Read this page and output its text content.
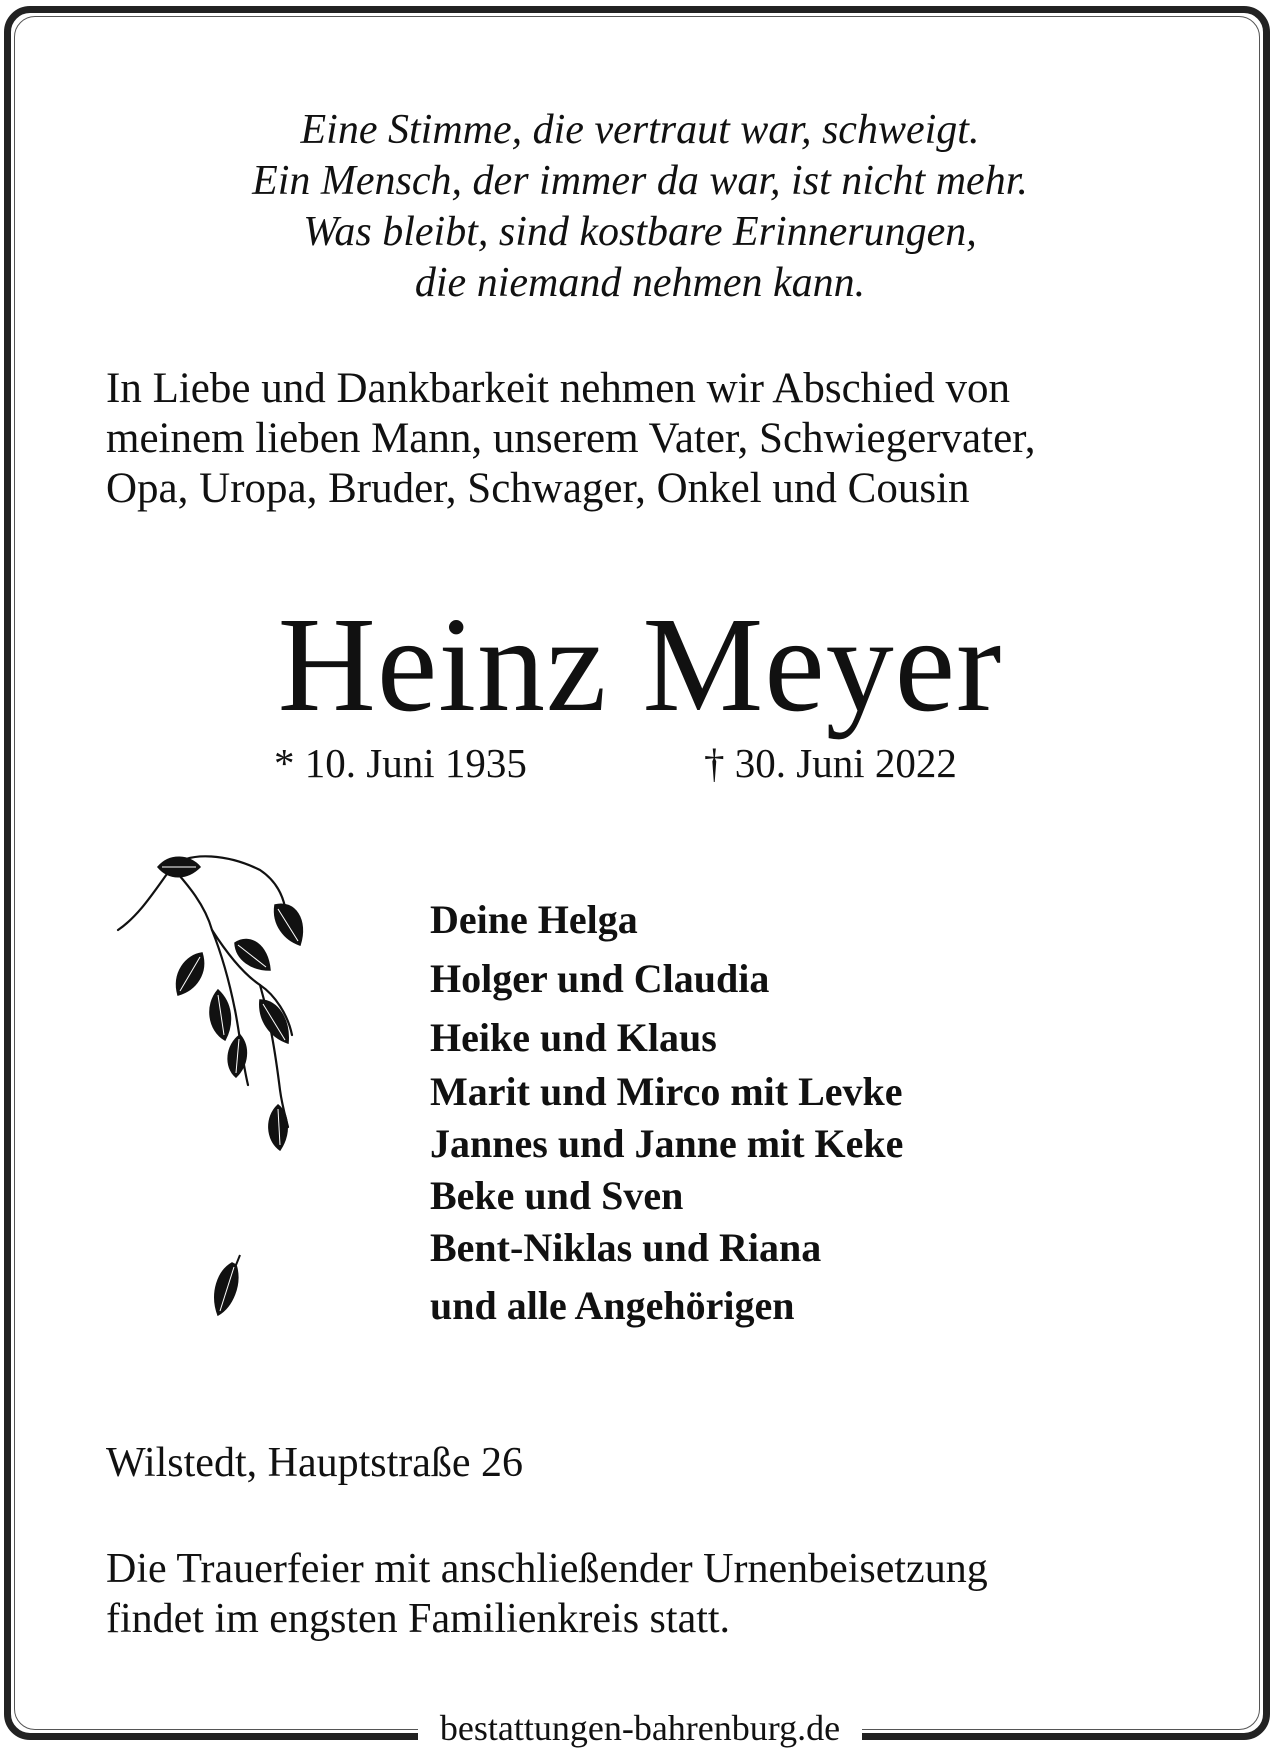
Eine Stimme, die vertraut war, schweigt.
Ein Mensch, der immer da war, ist nicht mehr.
Was bleibt, sind kostbare Erinnerungen,
die niemand nehmen kann.
In Liebe und Dankbarkeit nehmen wir Abschied von
meinem lieben Mann, unserem Vater, Schwiegervater,
Opa, Uropa, Bruder, Schwager, Onkel und Cousin
Heinz Meyer
* 10. Juni 1935	† 30. Juni 2022
Deine Helga
Holger und Claudia
Heike und Klaus
Marit und Mirco mit Levke
Jannes und Janne mit Keke
Beke und Sven
Bent-Niklas und Riana
und alle Angehörigen
Wilstedt, Hauptstraße 26
Die Trauerfeier mit anschließender Urnenbeisetzung
findet im engsten Familienkreis statt.
bestattungen-bahrenburg.de
